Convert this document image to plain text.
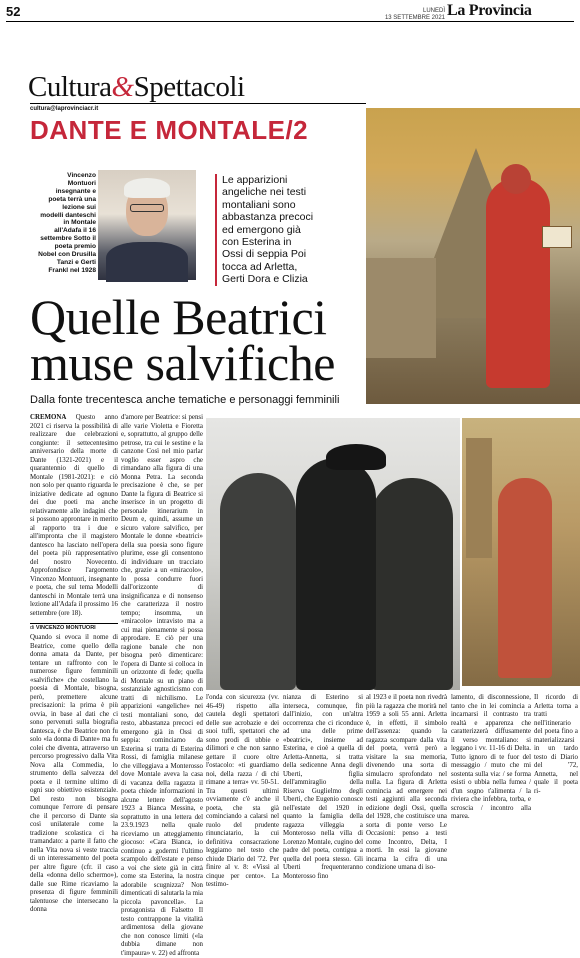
52	LUNEDÌ
13 SETTEMBRE 2021 La Provincia
Cultura&Spettacoli
cultura@laprovinciacr.it
DANTE E MONTALE/2
Vincenzo Montuori insegnante e poeta terrà una lezione sui modelli danteschi in Montale all'Adafa il 16 settembre Sotto il poeta premio Nobel con Drusilla Tanzi e Gerti Frankl nel 1928
Le apparizioni angeliche nei testi montaliani sono abbastanza precoci ed emergono già con Esterina in Ossi di seppia Poi tocca ad Arletta, Gerti Dora e Clizia
Quelle Beatrici
muse salvifiche
Dalla fonte trecentesca anche tematiche e personaggi femminili

CREMONA Questo anno 2021 ci riserva la possibilità di realizzare due celebrazioni congiunte: il settecentesimo anniversario della morte di Dante (1321-2021) e il quarantennio di quello di Montale (1981-2021): e ciò non solo per quanto riguarda le iniziative dedicate ad ognuno dei due poeti ma anche relativamente alle indagini che si possono approntare in merito al rapporto tra i due e all'impronta che il magistero dantesco ha lasciato nell'opera del poeta più rappresentativo del nostro Novecento. Approfondisce l'argomento Vincenzo Montuori, insegnante e poeta, che sul tema Modelli danteschi in Montale terrà una lezione all'Adafa il prossimo 16 settembre (ore 18).

di VINCENZO MONTUORI

Quando si evoca il nome di Beatrice, come quello della donna amata da Dante, per tentare un raffronto con le numerose figure femminili «salvifiche» che costellano la poesia di Montale, bisogna, però, premettere alcune precisazioni: la prima è più ovvia, in base al dati che ci sono pervenuti sulla biografia dantesca, è che Beatrice non fu solo «la donna di Dante» ma fu colei che diventa, attraverso un percorso progressivo dalla Vita Nova alla Commedia, lo strumento della salvezza del poeta e il termine ultimo di ogni suo obiettivo esistenziale. Del resto non bisogna comunque l'errore di pensare che il percorso di Dante sia così unilaterale come la tradizione scolastica ci ha tramandato: a parte il fatto che nella Vita nova si veste traccia di un interessamento del poeta per altre figure (cfr. il caso della «donna dello schermo»), dalle sue Rime ricaviamo la presenza di figure femminili talentuose che intersecano la donna

d'amore per Beatrice: si pensi alle varie Violetta e Fioretta e, soprattutto, al gruppo delle petrose, tra cui le sestine e la canzone Così nel mio parlar voglio esser aspro che rimandano alla figura di una Monna Petra. La seconda precisazione è che, se per Dante la figura di Beatrice si inserisce in un progetto di personale itinerarium in Deum e, quindi, assume un sicuro valore salvifico, per Montale le donne «beatrici» della sua poesia sono figure plurime, esse gli consentono di individuare un tracciato che, grazie a un «miracolo», lo possa condurre fuori dall'orizzonte di insignificanza e di nonsenso che caratterizza il nostro tempo; insomma, un «miracolo» intravisto ma a cui mai pienamente si possa approdare. E ciò per una ragione banale che non bisogna però dimenticare: l'opera di Dante si colloca in un orizzonte di fede; quella di Montale su un piano di sostanziale agnosticismo con tratti di nichilismo. Le apparizioni «angeliche» nei testi montaliani sono, del resto, abbastanza precoci ed emergono già in Ossi di seppia: cominciamo da Esterina si tratta di Esterina Rossi, di famiglia milanese che villeggiava a Monterosso dove Montale aveva la casa di vacanza della ragazza il poeta chiede informazioni in alcune lettere dell'agosto 1923 a Bianca Messina, e soprattutto in una lettera del 23.9.1923 nella quale riceviamo un atteggiamento giocoso: «Cara Bianca, io continuo a godermi l'ultimo scampolo dell'estate e penso a voi che siete già in città come sta Esterina, la nostra adorabile scugnizza? Non dimenticati di salutarla la mia piccola pavoncella». La protagonista di Falsetto Il testo contrappone la vitalità ardimentosa della giovane che non conosce limiti («la dubbia dimane non t'impaura» v. 22) ed affronta

l'onda con sicurezza (vv. 46-49) rispetto alla cautela degli spettatori delle sue acrobazie e dei suoi tuffi, spettatori che sono prodi di ubbie e dilimori e che non sanno gettare il cuore oltre l'ostacolo: «ti guardiamo noi, della razza / di chi rimane a terra» vv. 50-51. Tra questi ultimi ovviamente c'è anche il poeta, che sta già cominciando a calarsi nel ruolo del prudente rinunciatario, la cui definitiva consacrazione leggiamo nel testo che chiude Diario del '72. Per finire al v. 8: «Vissi al cinque per cento». La testimo-

nianza di Esterino si interseca, comunque, fin dall'inizio, con un'altra occorrenza che ci riconduce ad una delle prime «beatrici», insieme ad Esterina, e cioè a quella di Arletta-Annetta, si tratta della sedicenne Anna degli Uberti, figlia dell'ammiraglio della Riserva Guglielmo degli Uberti, che Eugenio conosce nell'estate del 1920 in quanto la famiglia della ragazza villeggia a Monterosso nella villa di Lorenzo Montale, cugino del padre del poeta, contigua a quella del poeta stesso. Gli Uberti frequenteranno Monterosso fino

al 1923 e il poeta non rivedrà più la ragazza che morirà nel 1959 a soli 55 anni. Arletta è, in effetti, il simbolo dell'assenza: quando la ragazza scompare dalla vita del poeta, verrà però a visitare la sua memoria, divenendo una sorta di simulacro sprofondato nel nulla. La figura di Arletta comincia ad emergere nei testi aggiunti alla seconda edizione degli Ossi, quella del 1928, che costituisce una sorta di ponte verso Le Occasioni: penso a testi come Incontro, Delta, I morti. In essi la giovane incarna la cifra di una condizione umana di iso-

lamento, di disconnessione, tanto che in lei comincia a incarnarsi il contrasto tra realtà e apparenza che caratterizzerà diffusamente il verso montaliano: si leggano i vv. 11-16 di Delta. Tutto ignoro di te fuor del messaggio / muto che mi sostenta sulla via: / se forma esisti o ubbia nella fumea / d'un sogno t'alimenta / la riviera che infebbra, torba, e scroscia / incontro alla marea.

Il ricordo di Arletta torna a tratti nell'itinerario del poeta fino a materializzarsi in un tardo testo di Diario del '72, Annetta, nel quale il poeta ri-
